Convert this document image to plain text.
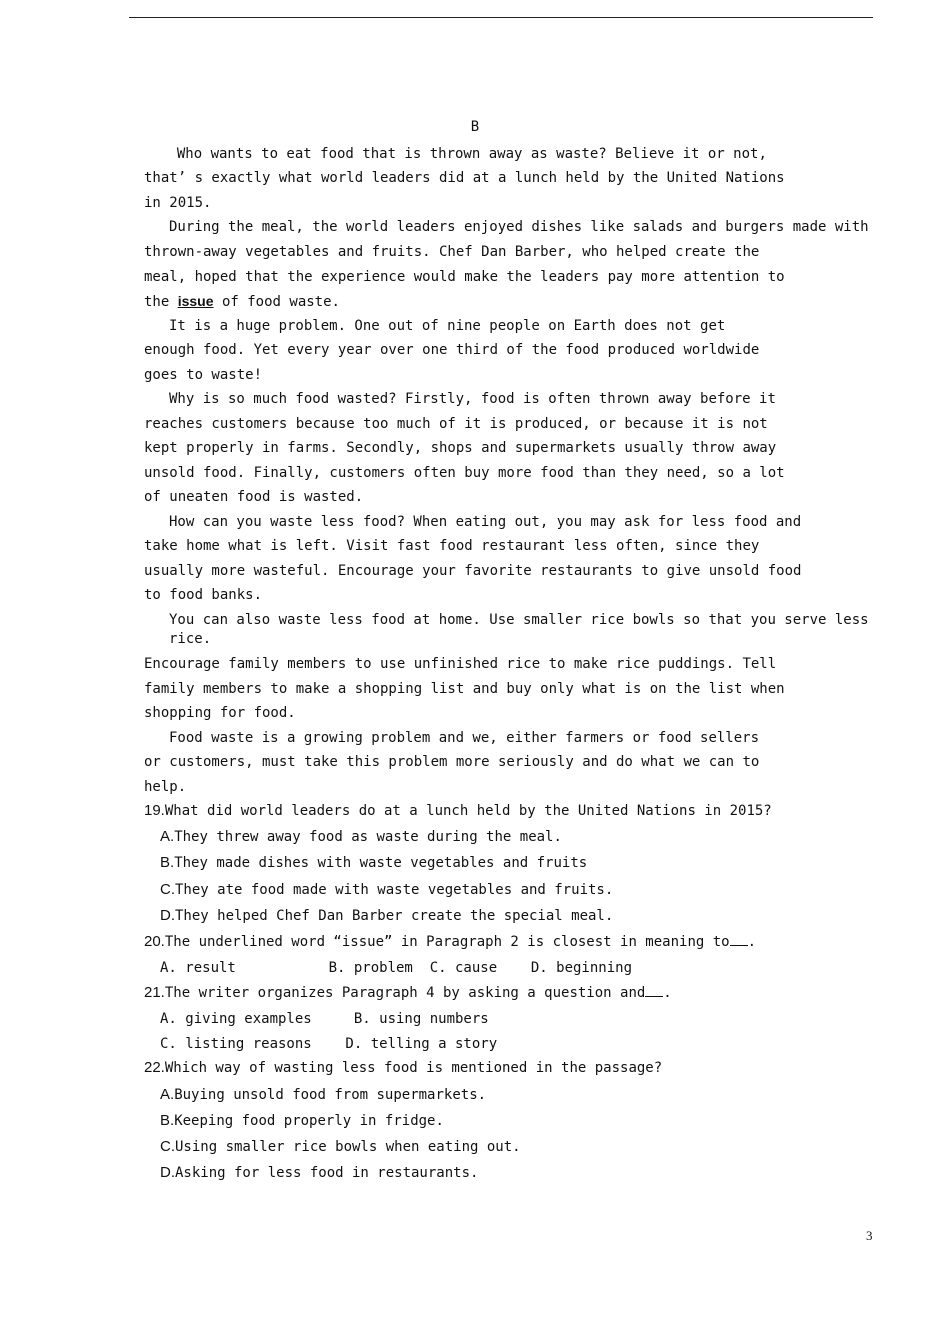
B
Who wants to eat food that is thrown away as waste? Believe it or not,
that’ s exactly what world leaders did at a lunch held by the United Nations
in 2015.
During the meal, the world leaders enjoyed dishes like salads and burgers made with
thrown-away vegetables and fruits. Chef Dan Barber, who helped create the
meal, hoped that the experience would make the leaders pay more attention to
the issue of food waste.
It is a huge problem. One out of nine people on Earth does not get
enough food. Yet every year over one third of the food produced worldwide
goes to waste!
Why is so much food wasted? Firstly, food is often thrown away before it
reaches customers because too much of it is produced, or because it is not
kept properly in farms. Secondly, shops and supermarkets usually throw away
unsold food. Finally, customers often buy more food than they need, so a lot
of uneaten food is wasted.
How can you waste less food? When eating out, you may ask for less food and
take home what is left. Visit fast food restaurant less often, since they
usually more wasteful. Encourage your favorite restaurants to give unsold food
to food banks.
You can also waste less food at home. Use smaller rice bowls so that you serve less
rice.
Encourage family members to use unfinished rice to make rice puddings. Tell
family members to make a shopping list and buy only what is on the list when
shopping for food.
Food waste is a growing problem and we, either farmers or food sellers
or customers, must take this problem more seriously and do what we can to
help.
19.What did world leaders do at a lunch held by the United Nations in 2015?
A.They threw away food as waste during the meal.
B.They made dishes with waste vegetables and fruits
C.They ate food made with waste vegetables and fruits.
D.They helped Chef Dan Barber create the special meal.
20.The underlined word “issue” in Paragraph 2 is closest in meaning to .
A. result           B. problem  C. cause    D. beginning
21.The writer organizes Paragraph 4 by asking a question and .
A. giving examples     B. using numbers
C. listing reasons    D. telling a story
22.Which way of wasting less food is mentioned in the passage?
A.Buying unsold food from supermarkets.
B.Keeping food properly in fridge.
C.Using smaller rice bowls when eating out.
D.Asking for less food in restaurants.
3
